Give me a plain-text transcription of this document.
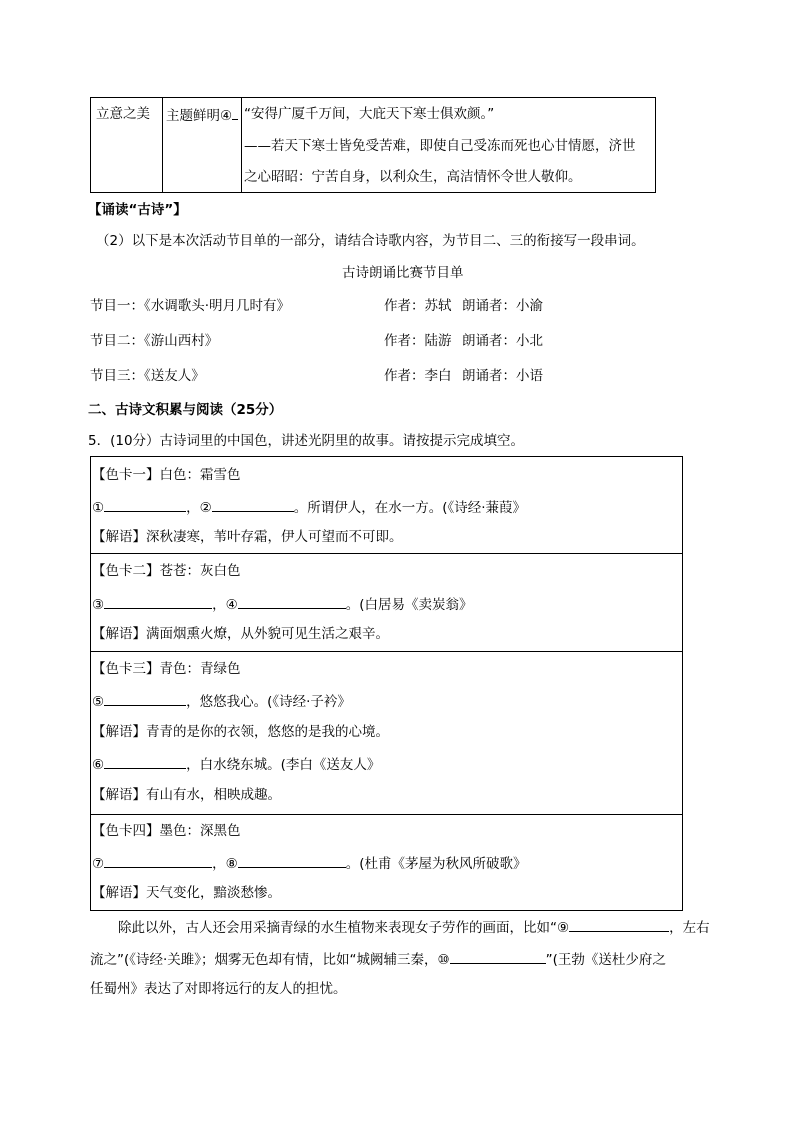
立意之美 主题鲜明④ “安得广厦千万间，大庇天下寒士俱欢颜。”
——若天下寒士皆免受苦难，即使自己受冻而死也心甘情愿，济世
之心昭昭：宁苦自身，以利众生，高洁情怀令世人敬仰。
【诵读“古诗”】
（2）以下是本次活动节目单的一部分，请结合诗歌内容，为节目二、三的衔接写一段串词。
古诗朗诵比赛节目单
节目一：《水调歌头·明月几时有》	作者：苏轼 朗诵者：小渝
节目二：《游山西村》	作者：陆游 朗诵者：小北
节目三：《送友人》	作者：李白 朗诵者：小语
二、古诗文积累与阅读（25分）
5．(10分）古诗词里的中国色，讲述光阴里的故事。请按提示完成填空。
【色卡一】白色：霜雪色
①	，②	。所谓伊人，在水一方。(《诗经·蒹葭》
【解语】深秋凄寒，苇叶存霜，伊人可望而不可即。
【色卡二】苍苍：灰白色
③	，④	。(白居易《卖炭翁》
【解语】满面烟熏火燎，从外貌可见生活之艰辛。
【色卡三】青色：青绿色
⑤	，悠悠我心。(《诗经·子衿》
【解语】青青的是你的衣领，悠悠的是我的心境。
⑥	，白水绕东城。(李白《送友人》
【解语】有山有水，相映成趣。
【色卡四】墨色：深黑色
⑦	，⑧	。(杜甫《茅屋为秋风所破歌》
【解语】天气变化，黯淡愁惨。
除此以外，古人还会用采摘青绿的水生植物来表现女子劳作的画面，比如“⑨	，左右
流之”(《诗经·关雎》；烟雾无色却有情，比如“城阙辅三秦，⑩	”(王勃《送杜少府之
任蜀州》表达了对即将远行的友人的担忧。
